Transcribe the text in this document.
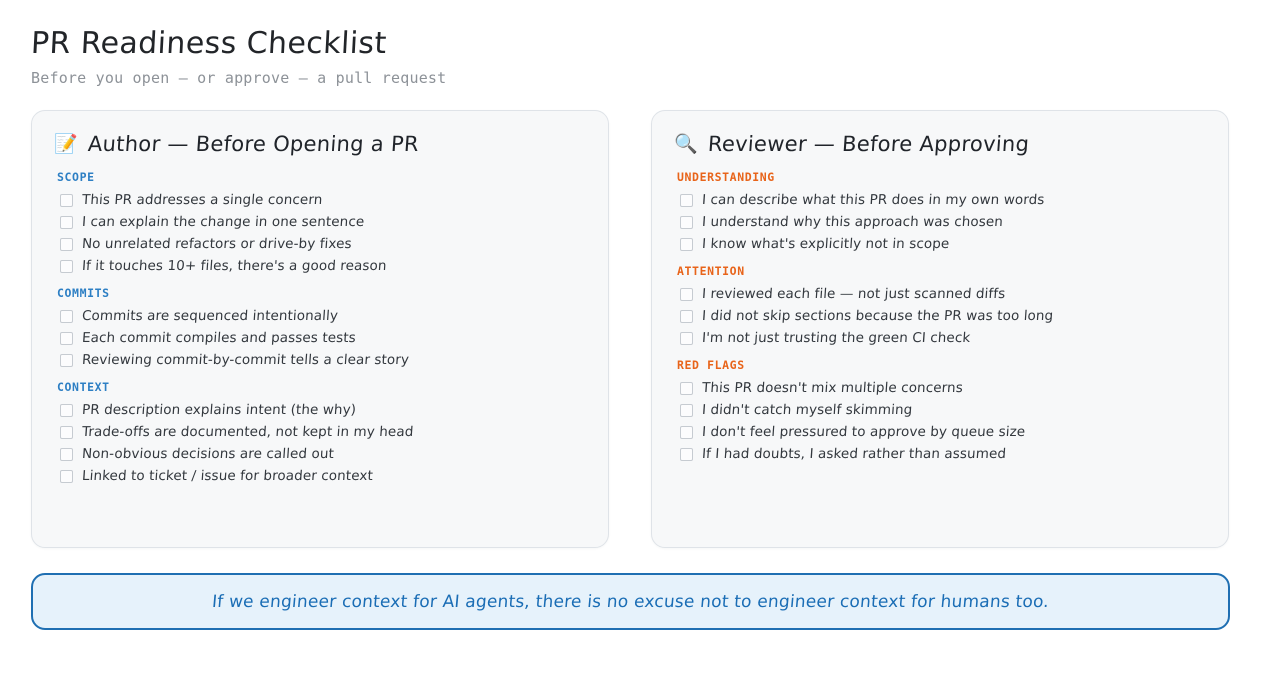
PR Readiness Checklist

Before you open — or approve — a pull request

📝 Author — Before Opening a PR
SCOPE
This PR addresses a single concern
I can explain the change in one sentence
No unrelated refactors or drive-by fixes
If it touches 10+ files, there's a good reason
COMMITS
Commits are sequenced intentionally
Each commit compiles and passes tests
Reviewing commit-by-commit tells a clear story
CONTEXT
PR description explains intent (the why)
Trade-offs are documented, not kept in my head
Non-obvious decisions are called out
Linked to ticket / issue for broader context
🔍 Reviewer — Before Approving
UNDERSTANDING
I can describe what this PR does in my own words
I understand why this approach was chosen
I know what's explicitly not in scope
ATTENTION
I reviewed each file — not just scanned diffs
I did not skip sections because the PR was too long
I'm not just trusting the green CI check
RED FLAGS
This PR doesn't mix multiple concerns
I didn't catch myself skimming
I don't feel pressured to approve by queue size
If I had doubts, I asked rather than assumed
If we engineer context for AI agents, there is no excuse not to engineer context for humans too.
